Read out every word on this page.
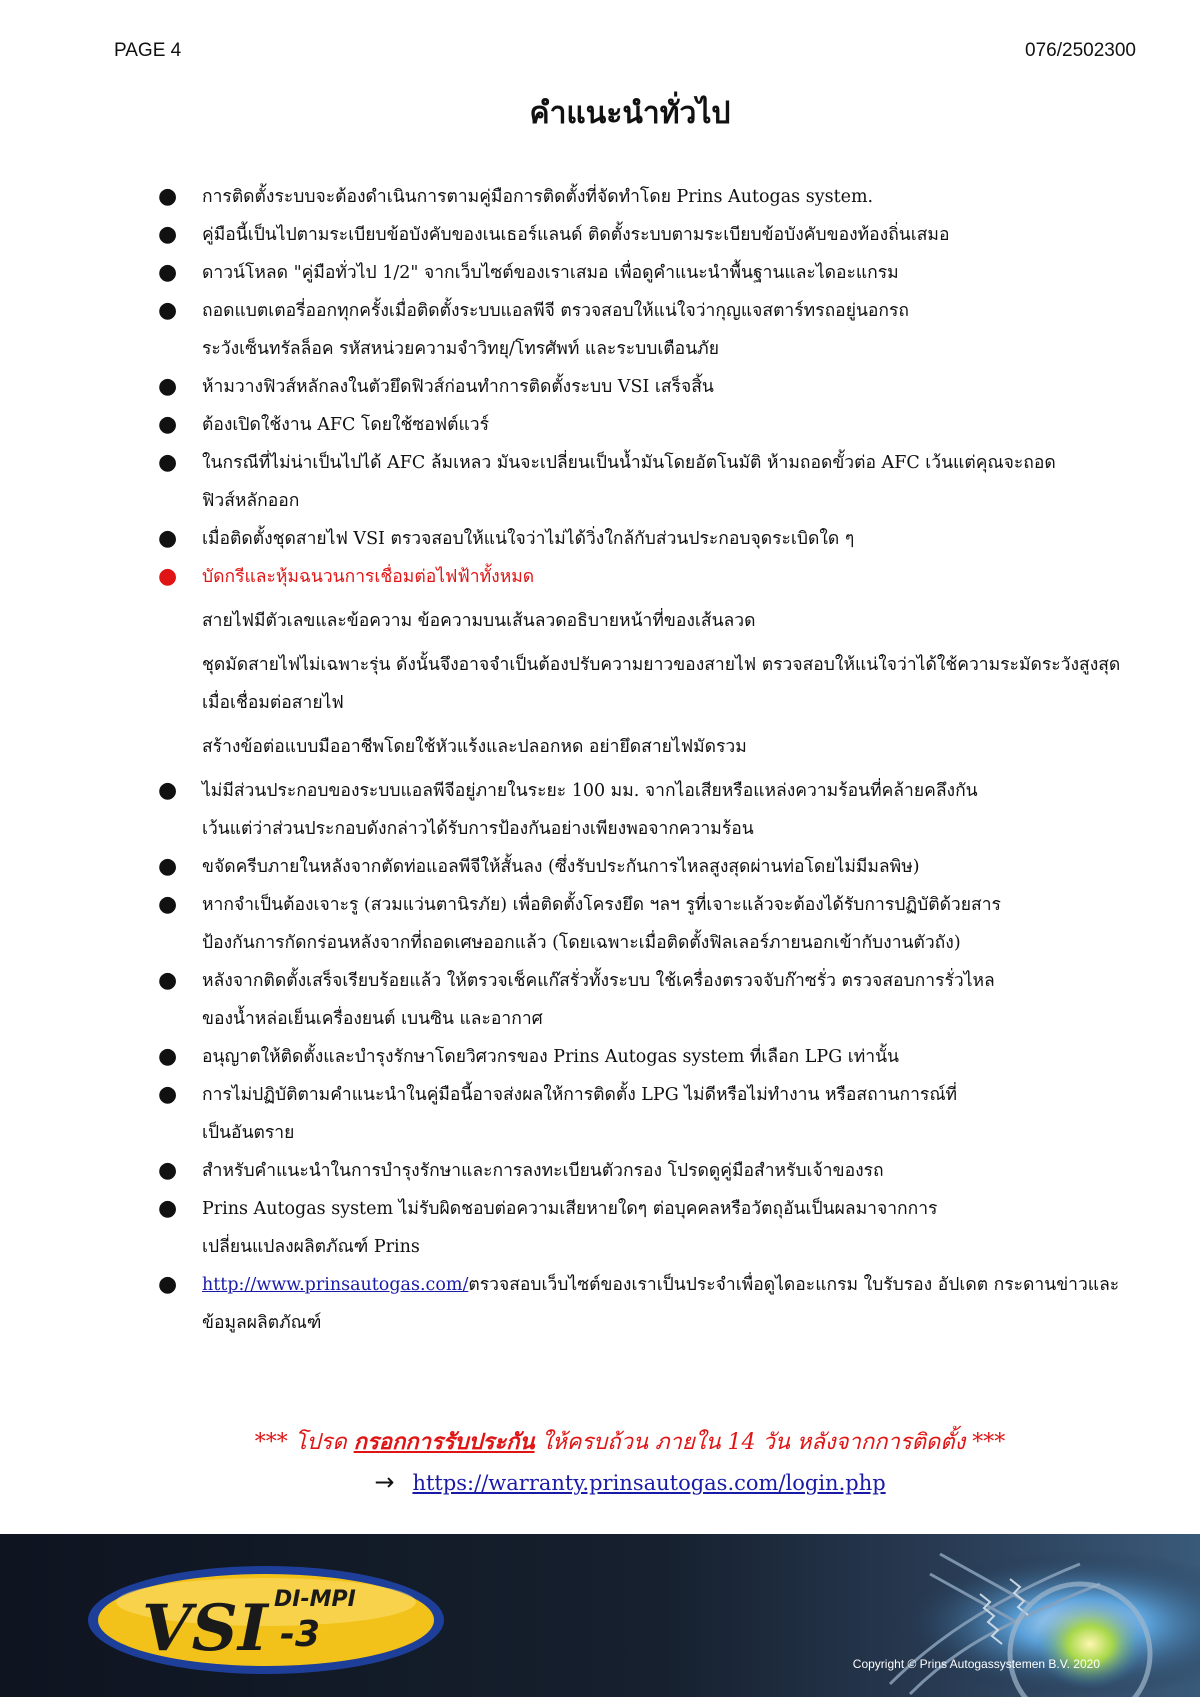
PAGE 4	076/2502300
คำแนะนำทั่วไป
● การติดตั้งระบบจะต้องดำเนินการตามคู่มือการติดตั้งที่จัดทำโดย Prins Autogas system.
● คู่มือนี้เป็นไปตามระเบียบข้อบังคับของเนเธอร์แลนด์ ติดตั้งระบบตามระเบียบข้อบังคับของท้องถิ่นเสมอ
● ดาวน์โหลด "คู่มือทั่วไป 1/2" จากเว็บไซต์ของเราเสมอ เพื่อดูคำแนะนำพื้นฐานและไดอะแกรม
● ถอดแบตเตอรี่ออกทุกครั้งเมื่อติดตั้งระบบแอลพีจี ตรวจสอบให้แน่ใจว่ากุญแจสตาร์ทรถอยู่นอกรถ
ระวังเซ็นทรัลล็อค รหัสหน่วยความจำวิทยุ/โทรศัพท์ และระบบเตือนภัย
● ห้ามวางฟิวส์หลักลงในตัวยึดฟิวส์ก่อนทำการติดตั้งระบบ VSI เสร็จสิ้น
● ต้องเปิดใช้งาน AFC โดยใช้ซอฟต์แวร์
● ในกรณีที่ไม่น่าเป็นไปได้ AFC ล้มเหลว มันจะเปลี่ยนเป็นน้ำมันโดยอัตโนมัติ ห้ามถอดขั้วต่อ AFC เว้นแต่คุณจะถอด
ฟิวส์หลักออก
● เมื่อติดตั้งชุดสายไฟ VSI ตรวจสอบให้แน่ใจว่าไม่ได้วิ่งใกล้กับส่วนประกอบจุดระเบิดใด ๆ
● บัดกรีและหุ้มฉนวนการเชื่อมต่อไฟฟ้าทั้งหมด
สายไฟมีตัวเลขและข้อความ ข้อความบนเส้นลวดอธิบายหน้าที่ของเส้นลวด
ชุดมัดสายไฟไม่เฉพาะรุ่น ดังนั้นจึงอาจจำเป็นต้องปรับความยาวของสายไฟ ตรวจสอบให้แน่ใจว่าได้ใช้ความระมัดระวังสูงสุด
เมื่อเชื่อมต่อสายไฟ
สร้างข้อต่อแบบมืออาชีพโดยใช้หัวแร้งและปลอกหด อย่ายึดสายไฟมัดรวม
● ไม่มีส่วนประกอบของระบบแอลพีจีอยู่ภายในระยะ 100 มม. จากไอเสียหรือแหล่งความร้อนที่คล้ายคลึงกัน
เว้นแต่ว่าส่วนประกอบดังกล่าวได้รับการป้องกันอย่างเพียงพอจากความร้อน
● ขจัดครีบภายในหลังจากตัดท่อแอลพีจีให้สั้นลง (ซึ่งรับประกันการไหลสูงสุดผ่านท่อโดยไม่มีมลพิษ)
● หากจำเป็นต้องเจาะรู (สวมแว่นตานิรภัย) เพื่อติดตั้งโครงยึด ฯลฯ รูที่เจาะแล้วจะต้องได้รับการปฏิบัติด้วยสาร
ป้องกันการกัดกร่อนหลังจากที่ถอดเศษออกแล้ว (โดยเฉพาะเมื่อติดตั้งฟิลเลอร์ภายนอกเข้ากับงานตัวถัง)
● หลังจากติดตั้งเสร็จเรียบร้อยแล้ว ให้ตรวจเช็คแก๊สรั่วทั้งระบบ ใช้เครื่องตรวจจับก๊าซรั่ว ตรวจสอบการรั่วไหล
ของน้ำหล่อเย็นเครื่องยนต์ เบนซิน และอากาศ
● อนุญาตให้ติดตั้งและบำรุงรักษาโดยวิศวกรของ Prins Autogas system ที่เลือก LPG เท่านั้น
● การไม่ปฏิบัติตามคำแนะนำในคู่มือนี้อาจส่งผลให้การติดตั้ง LPG ไม่ดีหรือไม่ทำงาน หรือสถานการณ์ที่
เป็นอันตราย
● สำหรับคำแนะนำในการบำรุงรักษาและการลงทะเบียนตัวกรอง โปรดดูคู่มือสำหรับเจ้าของรถ
● Prins Autogas system ไม่รับผิดชอบต่อความเสียหายใดๆ ต่อบุคคลหรือวัตถุอันเป็นผลมาจากการ
เปลี่ยนแปลงผลิตภัณฑ์ Prins
● http://www.prinsautogas.com/ตรวจสอบเว็บไซต์ของเราเป็นประจำเพื่อดูไดอะแกรม ใบรับรอง อัปเดต กระดานข่าวและ
ข้อมูลผลิตภัณฑ์
*** โปรด กรอกการรับประกัน ให้ครบถ้วน ภายใน 14 วัน หลังจากการติดตั้ง ***
→ https://warranty.prinsautogas.com/login.php
VSI DI-MPI
-3
Copyright © Prins Autogassystemen B.V. 2020
